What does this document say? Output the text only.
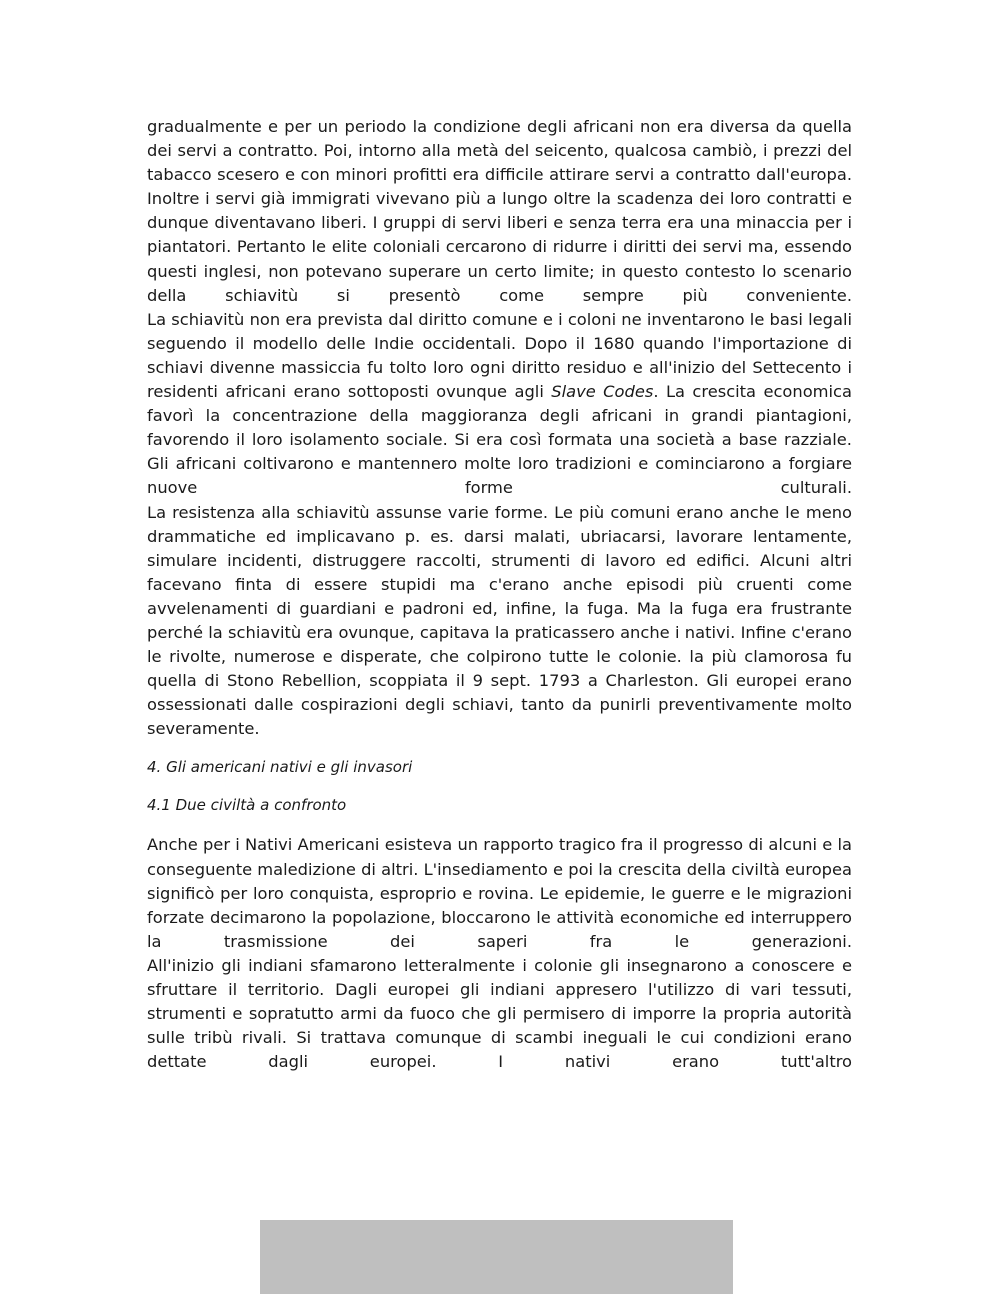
gradualmente e per un periodo la condizione degli africani non era diversa da quella dei servi a contratto. Poi, intorno alla metà del seicento, qualcosa cambiò, i prezzi del tabacco scesero e con minori profitti era difficile attirare servi a contratto dall'europa. Inoltre i servi già immigrati vivevano più a lungo oltre la scadenza dei loro contratti e dunque diventavano liberi. I gruppi di servi liberi e senza terra era una minaccia per i piantatori. Pertanto le elite coloniali cercarono di ridurre i diritti dei servi ma, essendo questi inglesi, non potevano superare un certo limite; in questo contesto lo scenario della schiavitù si presentò come sempre più conveniente.

La schiavitù non era prevista dal diritto comune e i coloni ne inventarono le basi legali seguendo il modello delle Indie occidentali. Dopo il 1680 quando l'importazione di schiavi divenne massiccia fu tolto loro ogni diritto residuo e all'inizio del Settecento i residenti africani erano sottoposti ovunque agli Slave Codes. La crescita economica favorì la concentrazione della maggioranza degli africani in grandi piantagioni, favorendo il loro isolamento sociale. Si era così formata una società a base razziale.

Gli africani coltivarono e mantennero molte loro tradizioni e cominciarono a forgiare nuove forme culturali.

La resistenza alla schiavitù assunse varie forme. Le più comuni erano anche le meno drammatiche ed implicavano p. es. darsi malati, ubriacarsi, lavorare lentamente, simulare incidenti, distruggere raccolti, strumenti di lavoro ed edifici. Alcuni altri facevano finta di essere stupidi ma c'erano anche episodi più cruenti come avvelenamenti di guardiani e padroni ed, infine, la fuga. Ma la fuga era frustrante perché la schiavitù era ovunque, capitava la praticassero anche i nativi. Infine c'erano le rivolte, numerose e disperate, che colpirono tutte le colonie. la più clamorosa fu quella di Stono Rebellion, scoppiata il 9 sept. 1793 a Charleston. Gli europei erano ossessionati dalle cospirazioni degli schiavi, tanto da punirli preventivamente molto severamente.

4. Gli americani nativi e gli invasori

4.1 Due civiltà a confronto

Anche per i Nativi Americani esisteva un rapporto tragico fra il progresso di alcuni e la conseguente maledizione di altri. L'insediamento e poi la crescita della civiltà europea significò per loro conquista, esproprio e rovina. Le epidemie, le guerre e le migrazioni forzate decimarono la popolazione, bloccarono le attività economiche ed interruppero la trasmissione dei saperi fra le generazioni.

All'inizio gli indiani sfamarono letteralmente i colonie gli insegnarono a conoscere e sfruttare il territorio. Dagli europei gli indiani appresero l'utilizzo di vari tessuti, strumenti e sopratutto armi da fuoco che gli permisero di imporre la propria autorità sulle tribù rivali. Si trattava comunque di scambi ineguali le cui condizioni erano dettate dagli europei. I nativi erano tutt'altro
